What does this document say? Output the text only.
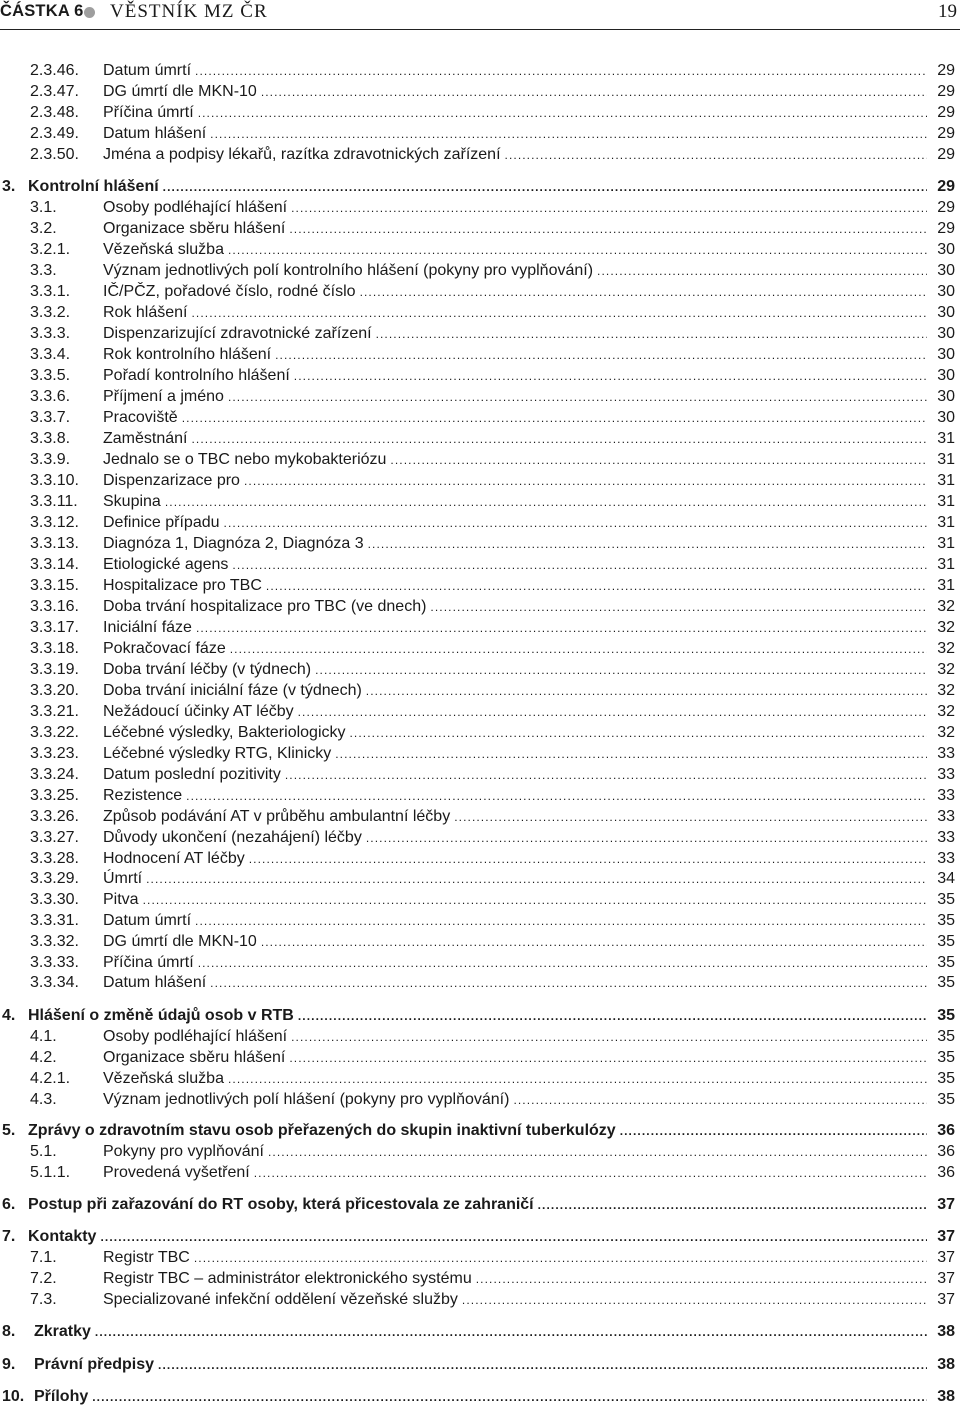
ČÁSTKA 6 VĚSTNÍK MZ ČR	19
2.3.46. Datum úmrtí .....	29
2.3.47. DG úmrtí dle MKN-10 .....	29
2.3.48. Příčina úmrtí .....	29
2.3.49. Datum hlášení .....	29
2.3.50. Jména a podpisy lékařů, razítka zdravotnických zařízení .....	29
3. Kontrolní hlášení .....	29
3.1.	Osoby podléhající hlášení .....	29
3.2.	Organizace sběru hlášení .....	29
3.2.1. Vězeňská služba .....	30
3.3.	Význam jednotlivých polí kontrolního hlášení (pokyny pro vyplňování) .....	30
3.3.1. IČ/PČZ, pořadové číslo, rodné číslo .....	30
3.3.2. Rok hlášení .....	30
3.3.3. Dispenzarizující zdravotnické zařízení .....	30
3.3.4. Rok kontrolního hlášení .....	30
3.3.5. Pořadí kontrolního hlášení .....	30
3.3.6. Příjmení a jméno .....	30
3.3.7. Pracoviště .....	30
3.3.8. Zaměstnání .....	31
3.3.9. Jednalo se o TBC nebo mykobakteriózu .....	31
3.3.10. Dispenzarizace pro .....	31
3.3.11. Skupina .....	31
3.3.12. Definice případu .....	31
3.3.13. Diagnóza 1, Diagnóza 2, Diagnóza 3 .....	31
3.3.14. Etiologické agens .....	31
3.3.15. Hospitalizace pro TBC .....	31
3.3.16. Doba trvání hospitalizace pro TBC (ve dnech) .....	32
3.3.17. Iniciální fáze .....	32
3.3.18. Pokračovací fáze .....	32
3.3.19. Doba trvání léčby (v týdnech) .....	32
3.3.20. Doba trvání iniciální fáze (v týdnech) .....	32
3.3.21. Nežádoucí účinky AT léčby .....	32
3.3.22. Léčebné výsledky, Bakteriologicky .....	32
3.3.23. Léčebné výsledky RTG, Klinicky .....	33
3.3.24. Datum poslední pozitivity .....	33
3.3.25. Rezistence .....	33
3.3.26. Způsob podávání AT v průběhu ambulantní léčby .....	33
3.3.27. Důvody ukončení (nezahájení) léčby .....	33
3.3.28. Hodnocení AT léčby .....	33
3.3.29. Úmrtí .....	34
3.3.30. Pitva .....	35
3.3.31. Datum úmrtí .....	35
3.3.32. DG úmrtí dle MKN-10 .....	35
3.3.33. Příčina úmrtí .....	35
3.3.34. Datum hlášení .....	35
4. Hlášení o změně údajů osob v RTB .....	35
4.1.	Osoby podléhající hlášení .....	35
4.2.	Organizace sběru hlášení .....	35
4.2.1. Vězeňská služba .....	35
4.3.	Význam jednotlivých polí hlášení (pokyny pro vyplňování) .....	35
5. Zprávy o zdravotním stavu osob přeřazených do skupin inaktivní tuberkulózy .....	36
5.1.	Pokyny pro vyplňování .....	36
5.1.1. Provedená vyšetření .....	36
6. Postup při zařazování do RT osoby, která přicestovala ze zahraničí .....	37
7. Kontakty .....	37
7.1.	Registr TBC .....	37
7.2.	Registr TBC – administrátor elektronického systému .....	37
7.3.	Specializované infekční oddělení vězeňské služby .....	37
8. Zkratky .....	38
9. Právní předpisy .....	38
10. Přílohy .....	38
